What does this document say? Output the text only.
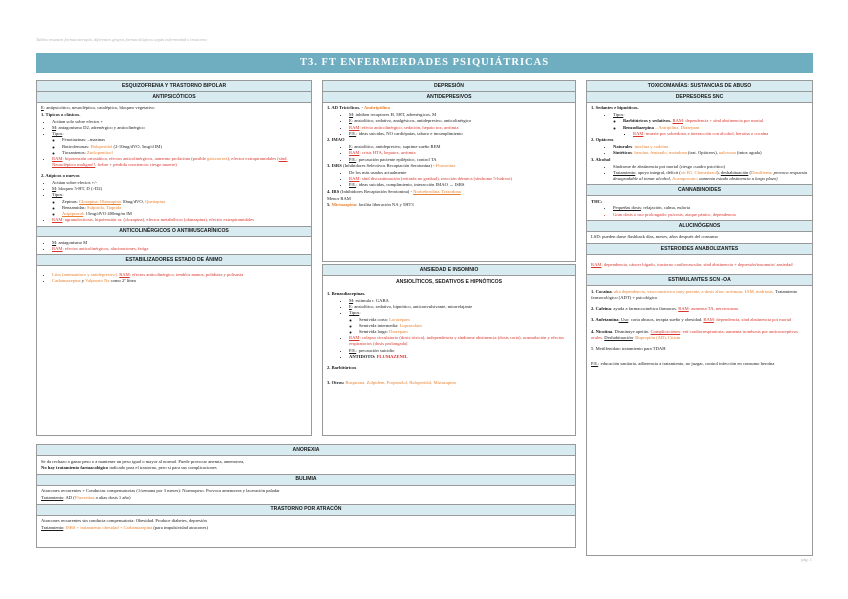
Tablas resumen farmacoterapia, diferentes grupos farmacológicos según enfermedad o trastorno
T3. FT ENFERMERDADES PSIQUIÁTRICAS
ESQUIZOFRENIA Y TRASTORNO BIPOLAR
ANTIPSICÓTICOS

E: antipsicótico, neuroléptico, cataléptico, bloqueo vegetativo

1. Típicos o clásicos.

• Actúan solo sobre efectos +
• M: antagonismo D2, adrenérgico y anticolinérgico
• Tipos:
◦ Fenotiazinas: –mazinas
◦ Butirofenonas: Haloperidol (2-10mg/dVO, 5mg/d IM)
◦ Tioxantenos: Zuclopentixol
• RAM: hipotensión ortostática, efectos anticolinérgicos, aumento prolactina (posible galactorrea), efectos extrapiramidales (sínd. Neuroléptico maligno!!, fiebre + pérdida conciencia: riesgo muerte)

2. Atípicos o nuevos

• Actúan sobre efectos +/-
• M: bloqueo 5-HT, D (>D2)
• Tipos:
◦ Zepinas: Clozapina, Olanzapina 10mg/dVO, Quetiapina
◦ Benzamidas: Sulpirida, Tiaprida
◦ Aripiprazol: 15mg/dVO 400mg/m IM
• RAM: agranulocitosis, hipotensión or. (clozapina), efectos metabólicos (olanzapina), efectos extrapiramidales
ANTICOLINÉRGICOS O ANTIMUSCARÍNICOS
• M: antagonismo M
• RAM: efectos anticolinérgicos, alucinaciones, fatiga
ESTABILIZADORES ESTADO DE ÁNIMO
• Litio (antimaníaco y antidepresivo). RAM: efectos anticolinérgico, temblor manos, poliduria y polisusia
• Carbamazepina y Valproato Na como 2º línea
DEPRESIÓN
ANTIDEPRESIVOS

1. AD Tricíclicos. - Amitriptilina

• M: inhiben recaptores H, 5HT, adrenérgicos, M
• E: ansiolítico, sedativo, analgésicos, antidepresivo, anticolinérgico
• RAM: efecto anticolinérgico, sedación, hepato tox, arritmia
• P.E.: ideas suicidas, NO cardiópatas, tabaco e incumplimiento

2. IMAO

• E: ansiolítico, antidepresivo, suprime sueño REM
• RAM: crisis HTA, hepatox, arritmia
• P.E.: precaución paciente epiléptico, control TA

3. ISRS (Inhibidores Selectivos Recaptación Serotonina) - Fluoxetina

• De los más usados actualmente
• RAM: sínd discontinuación (retirada no gradual), reacción dérmica (síndrome 5-hidroxi)
• P.E.: ideas suicidas, cumplimiento, interacción IMAO → ISRS

4. IRS (Inhibidores Recaptación Serotonina) - Nortrebrodina, Trazodona

Menor RAM

5. Mirtazapina: facilita liberación NA y 5HT3

ANSIEDAD E INSOMNIO
ANSIOLÍTICOS, SEDATIVOS E HIPNÓTICOS

1. Benzodiacepinas.

• M: estimula r. GABA
• E: ansiolítico, sedativo, hipnótico, anticonvulsivante, miorrelajante
• Tipos:
◦ Semivida corta: Lorazepam
◦ Semivida intermedia: Loprazolam
◦ Semivida larga: Diazepam
• RAM: colapso circulatorio (dosis tóxica), independencia y síndrome abstinencia (dosis corta), acumulación y efectos respiratorios (dosis prolongada)
• P.E.: precaución suicidio
• ANTIDOTO: FLUMAZENIL

2. Barbitúricos

3. Otros: Buspirona, Zolpidem, Propanolol, Haloperidol, Mirtazapina

TOXICOMANÍAS: SUSTANCIAS DE ABUSO
DEPRESORES SNC

1. Sedantes e hipnóticos.

• Tipos:
◦ Barbitúricos y sedativos. RAM: dependencia + sínd abstinencia por mortal
◦ Benzodiazepina – Antripilina, Diazepam
▪ RAM: muerte por sobredosis e interacción con alcohol, heroína o cocaína

2. Opiáceos

• Naturales: morfina y codeína
• Sintéticos: heroína, fentanilo, metadona (trat. Opiáceos), naloxona (intox aguda)

3. Alcohol

• Síndrome de abstinencia pot mortal (riesgo cuadro psicótico)
• Tratamiento: apoyo integral, déficit (vit B1, Clometiazol), deshabituación (Disulfiram: provoca respuesta desagradable al tomar alcohol, Acamprosato: aumenta estado abstinencia a largo plazo)
CANNABINOIDES

THC:

• Pequeñas dosis: relajación, calma, euforia
• Gran dosis o uso prolongado: psicosis, ataque pánico, dependencia
ALUCINÓGENOS

LSD: pueden darse flashback días, meses, años después del consumo

ESTEROIDES ANABOLIZANTES

RAM: dependencia, cáncer hígado, trastorno cardiovascular, sínd abstinencia + depresión/insomnio/ ansiedad

ESTIMULANTES SCN -OA

1. Cocaína: alta dependencia, vasoconstrictor muy potente, a dosis altas: arritmias, IAM, midriasis. Tratamiento farmacológico (ADT) + psicológico

2. Cafeína: ayuda a farmacocinética fármacos. RAM: aumenta TA, nerviosismo

3. Anfetamina. Uso: corta abusos, terapia sueño y obesidad. RAM: dependencia, sínd abstinencia pot mortal

4. Nicotina. Disminuye apetito. Complicaciones: enf cardiorrespiratoria, aumenta trombosis por anticonceptivos orales. Deshabituación: Bupropión (AD), Citisin

5. Metilfenidato tratamiento para TDAH

P.E.: educación sanitaria, adherencia a tratamiento, no juzgar, control infección en consumo heroína

ANOREXIA

Se da rechazo a ganar peso o a mantener un peso igual o mayor al normal. Puede provocar anemia, amenorrea,

No hay tratamiento farmacológico indicado para el trastorno, pero si para sus complicaciones

BULIMIA

Atracones recurrentes + Conductas compensatorias (1/semana por 3 meses): Normopeso. Provoca amenorrea y laceración paladar

Tratamiento: AD (Fluoxetina a altas dosis 1 año)

TRASTORNO POR ATRACÓN

Atracones recurrentes sin conducta compensatoria: Obesidad. Produce diabetes, depresión

Tratamiento: ISRS + tratamiento obesidad + Carbamazepina (para impulsividad atracones)

pág. 1
